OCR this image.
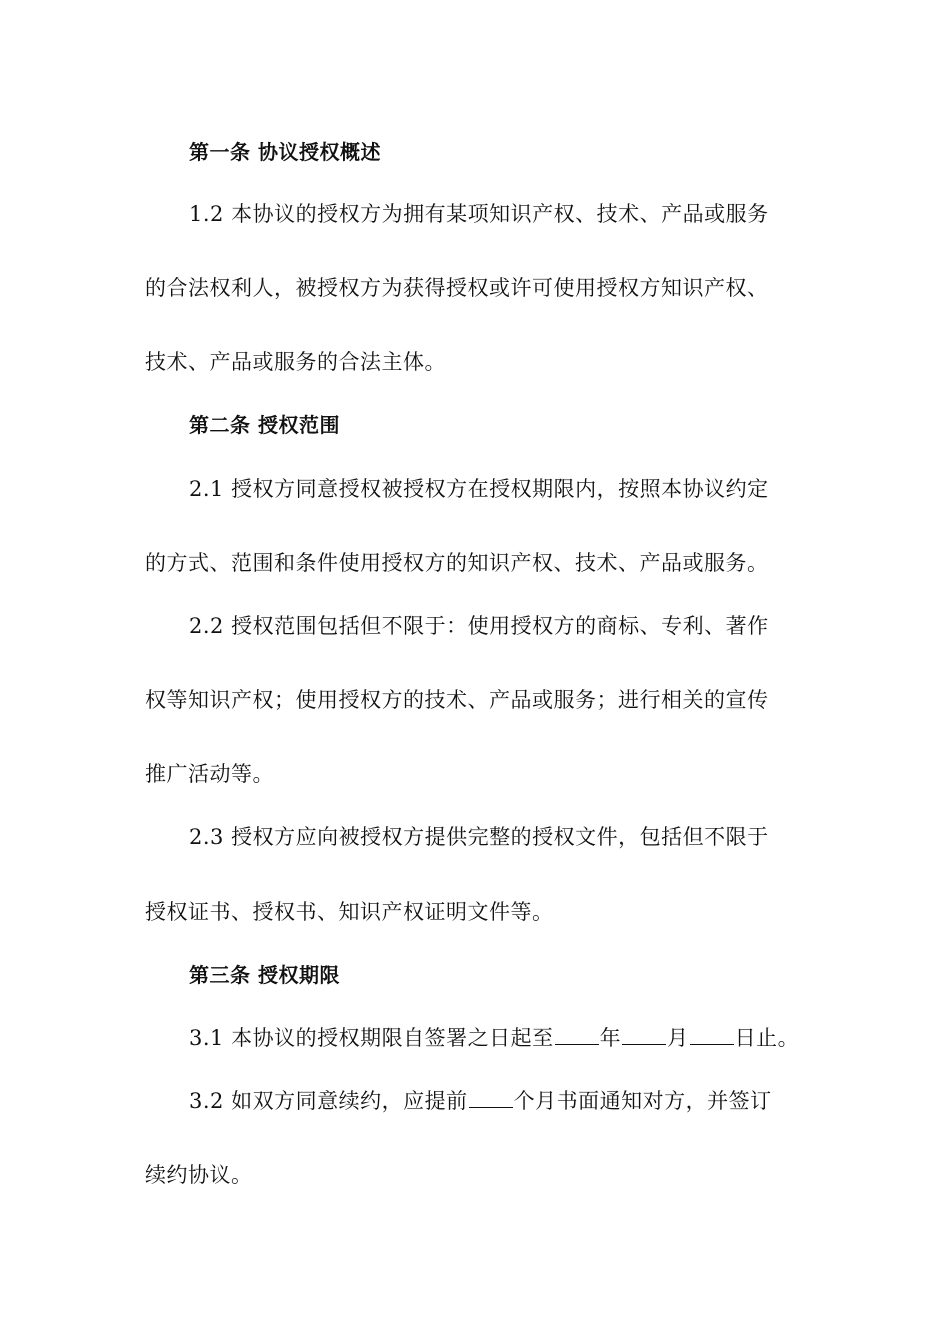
第一条 协议授权概述
1.2 本协议的授权方为拥有某项知识产权、技术、产品或服务
的合法权利人，被授权方为获得授权或许可使用授权方知识产权、
技术、产品或服务的合法主体。
第二条 授权范围
2.1 授权方同意授权被授权方在授权期限内，按照本协议约定
的方式、范围和条件使用授权方的知识产权、技术、产品或服务。
2.2 授权范围包括但不限于：使用授权方的商标、专利、著作
权等知识产权；使用授权方的技术、产品或服务；进行相关的宣传
推广活动等。
2.3 授权方应向被授权方提供完整的授权文件，包括但不限于
授权证书、授权书、知识产权证明文件等。
第三条 授权期限
3.1 本协议的授权期限自签署之日起至 年 月 日止。
3.2 如双方同意续约，应提前 个月书面通知对方，并签订
续约协议。
